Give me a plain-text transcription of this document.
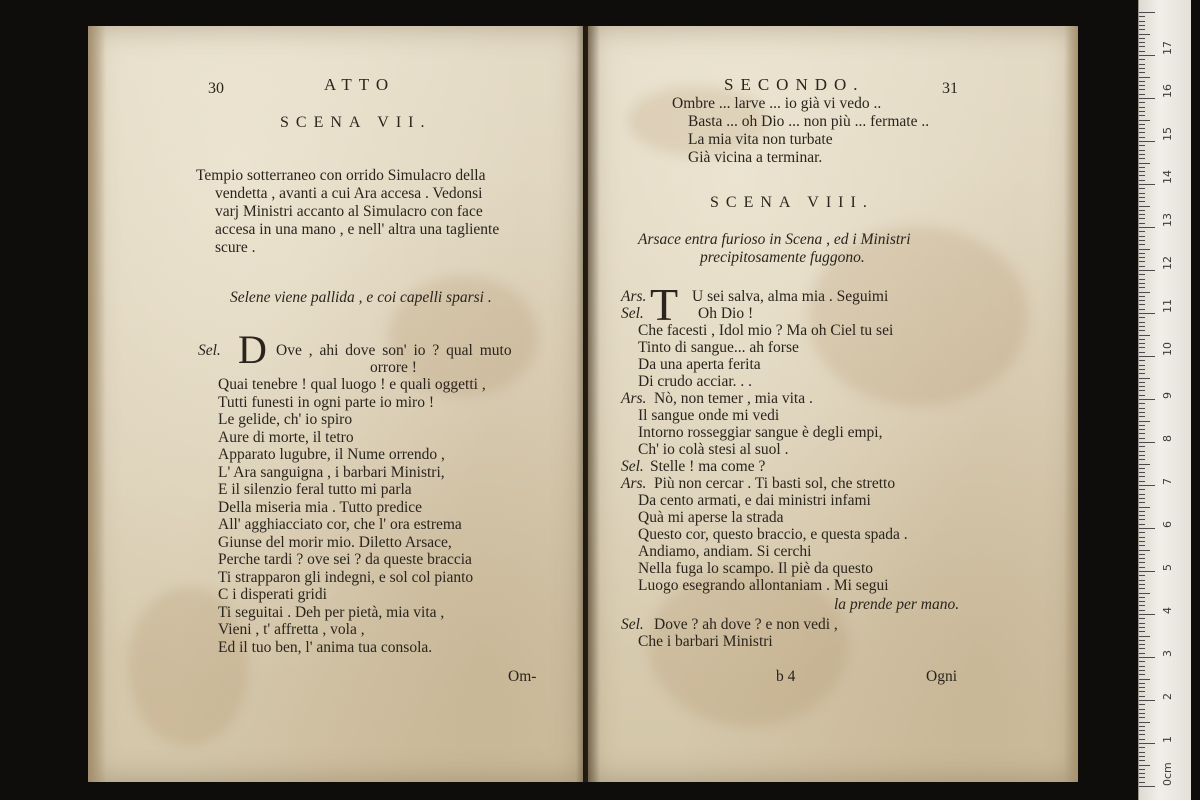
30	ATTO
SCENA VII.
Tempio sotterraneo con orrido Simulacro della
vendetta , avanti a cui Ara accesa . Vedonsi
varj Ministri accanto al Simulacro con face
accesa in una mano , e nell' altra una tagliente
scure .
Selene viene pallida , e coi capelli sparsi .
Sel. D Ove , ahi dove son' io ? qual muto
orrore !
Quai tenebre ! qual luogo ! e quali oggetti ,
Tutti funesti in ogni parte io miro !
Le gelide, ch' io spiro
Aure di morte, il tetro
Apparato lugubre, il Nume orrendo ,
L' Ara sanguigna , i barbari Ministri,
E il silenzio feral tutto mi parla
Della miseria mia . Tutto predice
All' agghiacciato cor, che l' ora estrema
Giunse del morir mio. Diletto Arsace,
Perche tardi ? ove sei ? da queste braccia
Ti strapparon gli indegni, e sol col pianto
C i disperati gridi
Ti seguitai . Deh per pietà, mia vita ,
Vieni , t' affretta , vola ,
Ed il tuo ben, l' anima tua consola.
Om-
SECONDO.	31
Ombre ... larve ... io già vi vedo ..
Basta ... oh Dio ... non più ... fermate ..
La mia vita non turbate
Già vicina a terminar.
SCENA VIII.
Arsace entra furioso in Scena , ed i Ministri
precipitosamente fuggono.
T
Ars.	U sei salva, alma mia . Seguimi
Sel.	Oh Dio !
Che facesti , Idol mio ? Ma oh Ciel tu sei
Tinto di sangue... ah forse
Da una aperta ferita
Di crudo acciar. . .
Ars. Nò, non temer , mia vita .
Il sangue onde mi vedi
Intorno rosseggiar sangue è degli empi,
Ch' io colà stesi al suol .
Sel. Stelle ! ma come ?
Ars. Più non cercar . Ti basti sol, che stretto
Da cento armati, e dai ministri infami
Quà mi aperse la strada
Questo cor, questo braccio, e questa spada .
Andiamo, andiam. Si cerchi
Nella fuga lo scampo. Il piè da questo
Luogo esegrando allontaniam . Mi segui
la prende per mano.
Sel. Dove ? ah dove ? e non vedi ,
Che i barbari Ministri
b 4	Ogni
0cm
1
2
3
4
5
6
7
8
9
10
11
12
13
14
15
16
17
